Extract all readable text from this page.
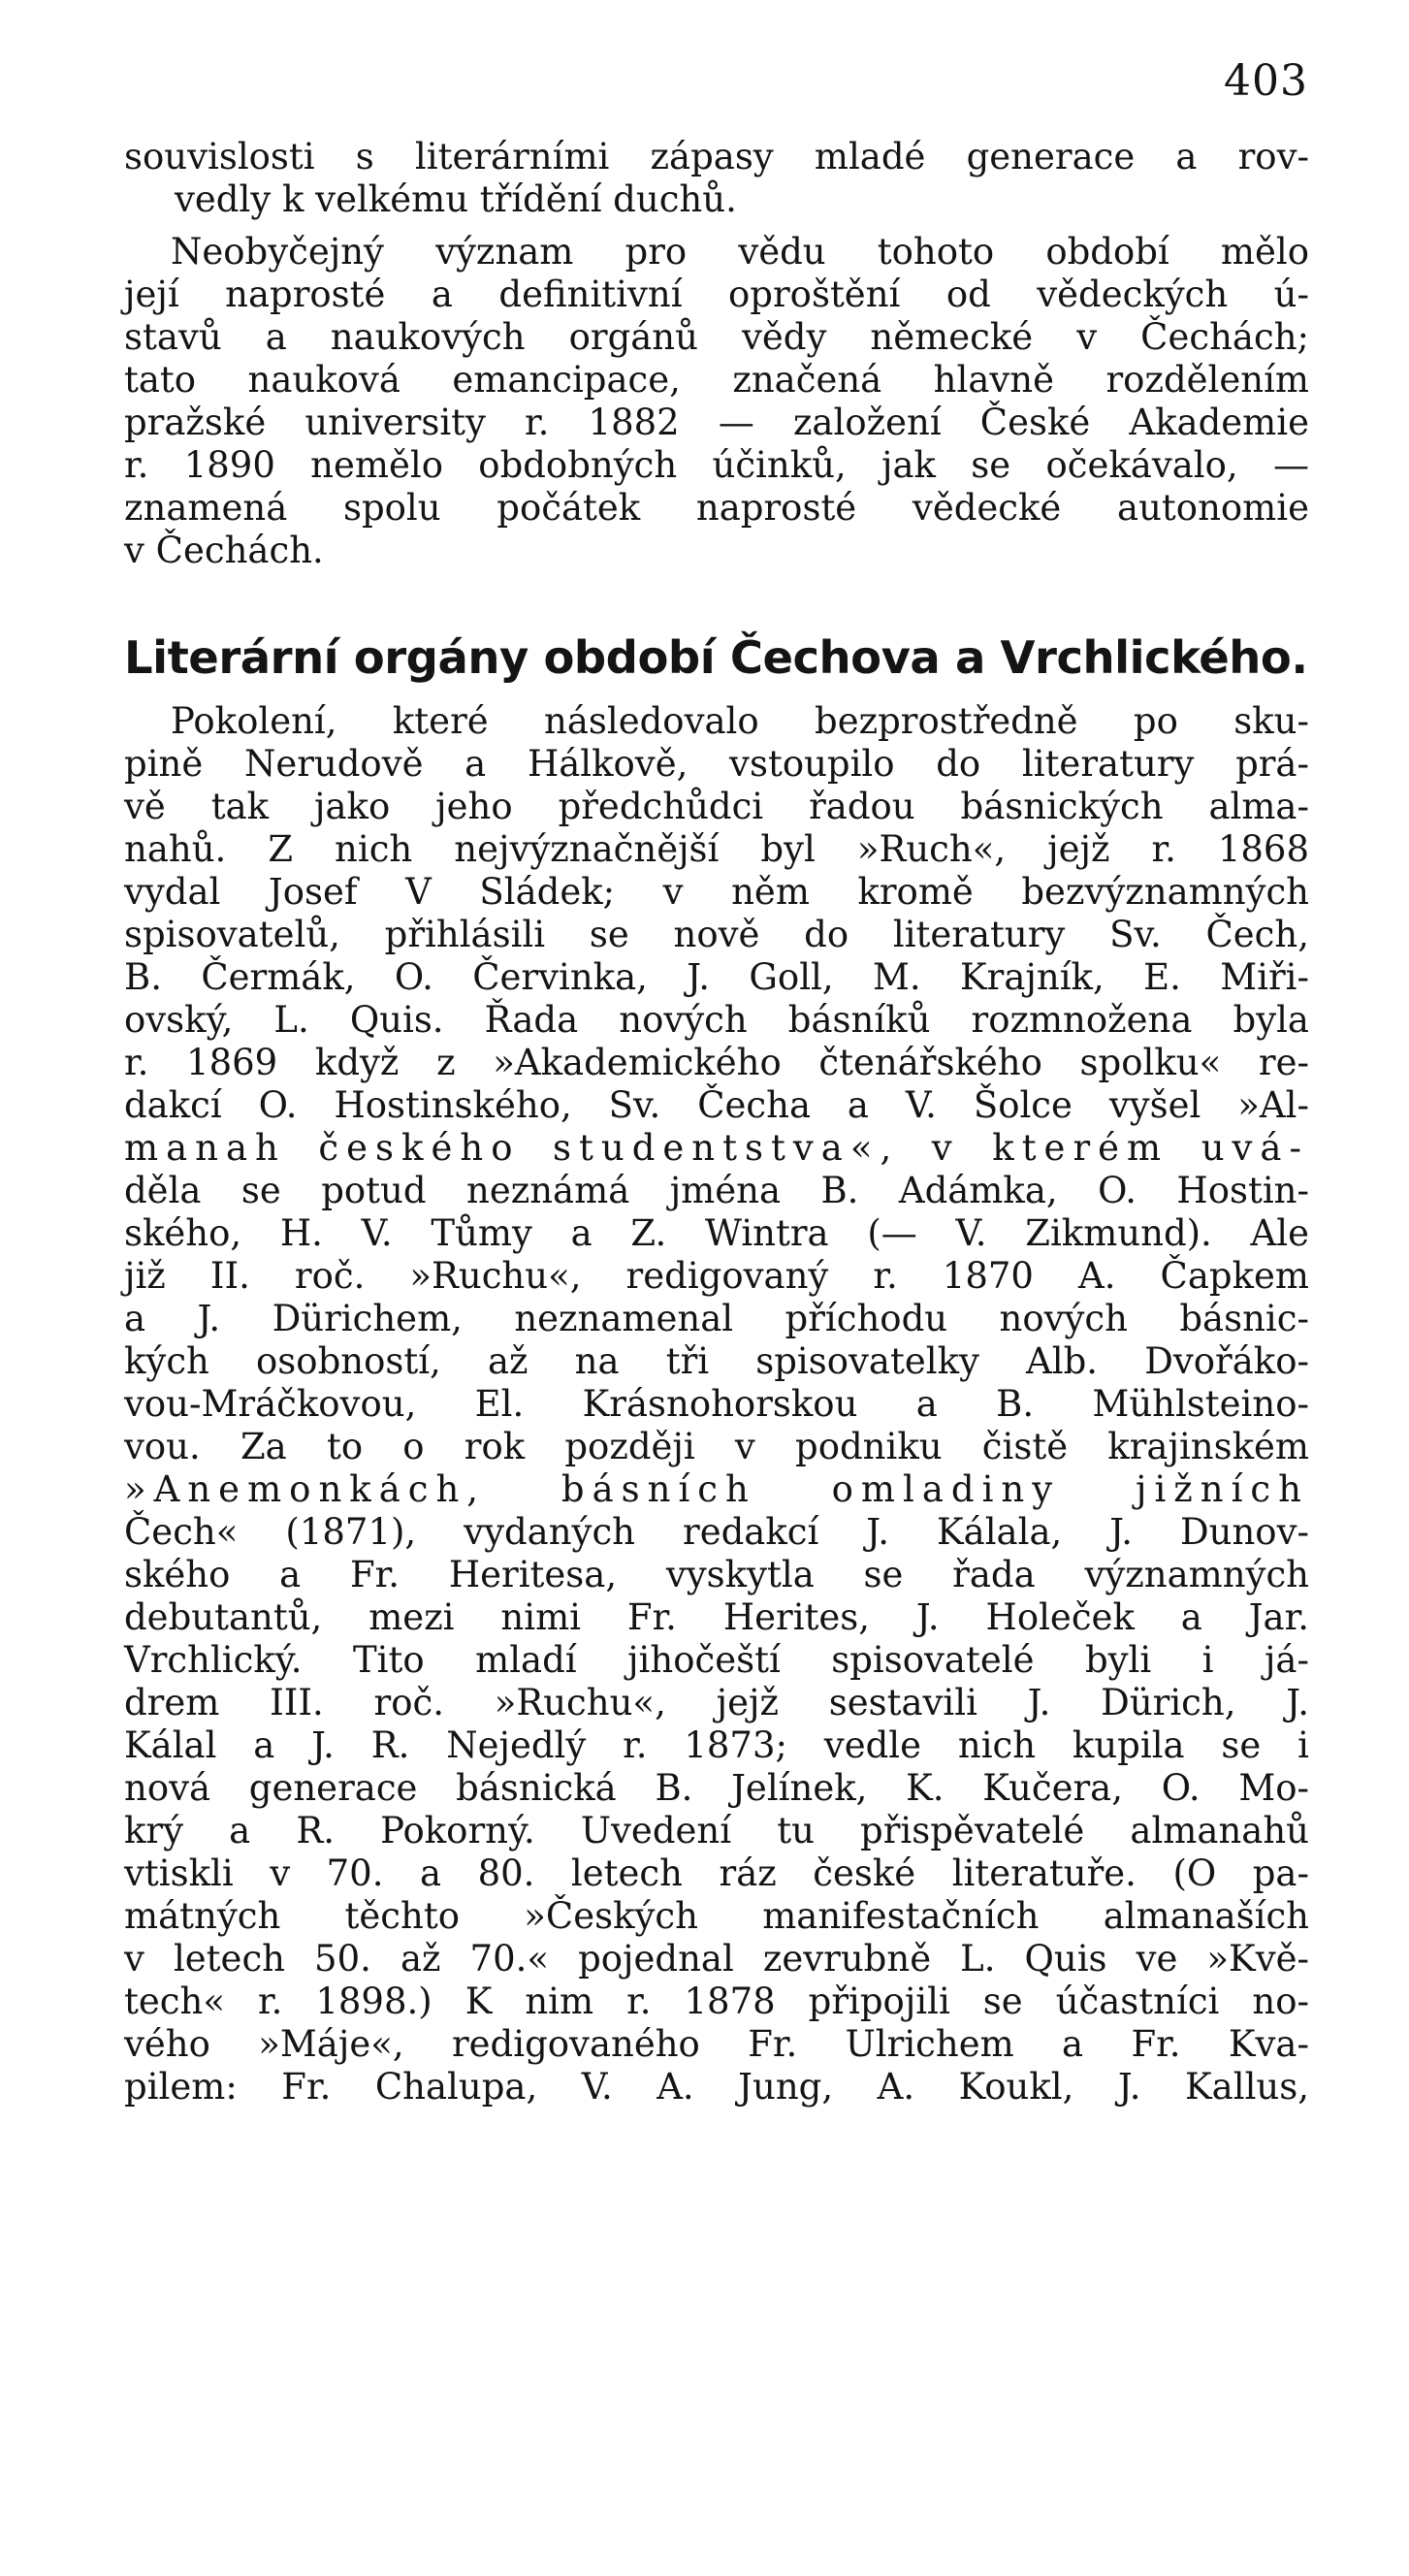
403
souvislosti s literárními zápasy mladé generace a rov-
vedly k velkému třídění duchů.
Neobyčejný význam pro vědu tohoto období mělo
její naprosté a definitivní oproštění od vědeckých ú-
stavů a naukových orgánů vědy německé v Čechách;
tato nauková emancipace, značená hlavně rozdělením
pražské university r. 1882 — založení České Akademie
r. 1890 nemělo obdobných účinků, jak se očekávalo, —
znamená spolu počátek naprosté vědecké autonomie
v Čechách.
Literární orgány období Čechova a Vrchlického.
Pokolení, které následovalo bezprostředně po sku-
pině Nerudově a Hálkově, vstoupilo do literatury prá-
vě tak jako jeho předchůdci řadou básnických alma-
nahů. Z nich nejvýznačnější byl »Ruch«, jejž r. 1868
vydal Josef V Sládek; v něm kromě bezvýznamných
spisovatelů, přihlásili se nově do literatury Sv. Čech,
B. Čermák, O. Červinka, J. Goll, M. Krajník, E. Miři-
ovský, L. Quis. Řada nových básníků rozmnožena byla
r. 1869 když z »Akademického čtenářského spolku« re-
dakcí O. Hostinského, Sv. Čecha a V. Šolce vyšel »Al-
manah českého studentstva«, v kterém uvá-
děla se potud neznámá jména B. Adámka, O. Hostin-
ského, H. V. Tůmy a Z. Wintra (— V. Zikmund). Ale
již II. roč. »Ruchu«, redigovaný r. 1870 A. Čapkem
a J. Dürichem, neznamenal příchodu nových básnic-
kých osobností, až na tři spisovatelky Alb. Dvořáko-
vou-Mráčkovou, El. Krásnohorskou a B. Mühlsteino-
vou. Za to o rok později v podniku čistě krajinském
»Anemonkách, básních omladiny jižních
Čech« (1871), vydaných redakcí J. Kálala, J. Dunov-
ského a Fr. Heritesa, vyskytla se řada významných
debutantů, mezi nimi Fr. Herites, J. Holeček a Jar.
Vrchlický. Tito mladí jihočeští spisovatelé byli i já-
drem III. roč. »Ruchu«, jejž sestavili J. Dürich, J.
Kálal a J. R. Nejedlý r. 1873; vedle nich kupila se i
nová generace básnická B. Jelínek, K. Kučera, O. Mo-
krý a R. Pokorný. Uvedení tu přispěvatelé almanahů
vtiskli v 70. a 80. letech ráz české literatuře. (O pa-
mátných těchto »Českých manifestačních almanaších
v letech 50. až 70.« pojednal zevrubně L. Quis ve »Kvě-
tech« r. 1898.) K nim r. 1878 připojili se účastníci no-
vého »Máje«, redigovaného Fr. Ulrichem a Fr. Kva-
pilem: Fr. Chalupa, V. A. Jung, A. Koukl, J. Kallus,
